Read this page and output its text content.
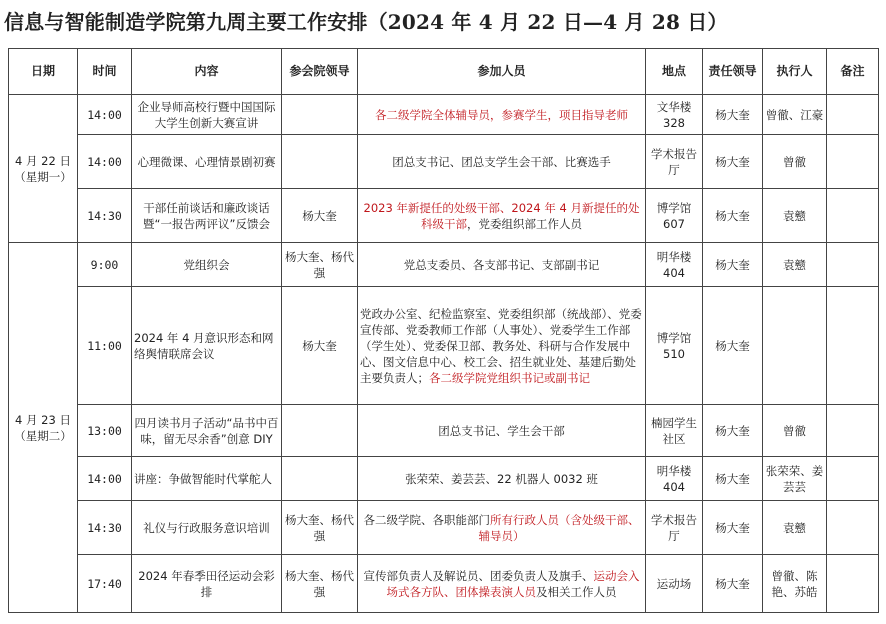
信息与智能制造学院第九周主要工作安排（2024 年 4 月 22 日—4 月 28 日）
日期	时间	内容	参会院领导	参加人员	地点	责任领导	执行人	备注

4 月 22 日
（星期一）	14:00	企业导师高校行暨中国国际大学生创新大赛宣讲		各二级学院全体辅导员，参赛学生，项目指导老师	文华楼 328	杨大奎	曾徹、江豪	
	14:00	心理微课、心理情景剧初赛		团总支书记、团总支学生会干部、比赛选手	学术报告厅	杨大奎	曾徹	
	14:30	干部任前谈话和廉政谈话暨“一报告两评议”反馈会	杨大奎	2023 年新提任的处级干部、2024 年 4 月新提任的处科级干部，党委组织部工作人员	博学馆 607	杨大奎	袁戆	

4 月 23 日
（星期二）	9:00	党组织会	杨大奎、杨代强	党总支委员、各支部书记、支部副书记	明华楼 404	杨大奎	袁戆	
	11:00	2024 年 4 月意识形态和网络舆情联席会议	杨大奎	党政办公室、纪检监察室、党委组织部（统战部）、党委宣传部、党委教师工作部（人事处）、党委学生工作部（学生处）、党委保卫部、教务处、科研与合作发展中心、图文信息中心、校工会、招生就业处、基建后勤处主要负责人；各二级学院党组织书记或副书记	博学馆 510	杨大奎		
	13:00	四月读书月子活动“品书中百味，留无尽余香”创意 DIY		团总支书记、学生会干部	楠园学生社区	杨大奎	曾徹	
	14:00	讲座：争做智能时代掌舵人		张荣荣、姜芸芸、22 机器人 0032 班	明华楼 404	杨大奎	张荣荣、姜芸芸	
	14:30	礼仪与行政服务意识培训	杨大奎、杨代强	各二级学院、各职能部门所有行政人员（含处级干部、辅导员）	学术报告厅	杨大奎	袁戆	
	17:40	2024 年春季田径运动会彩排	杨大奎、杨代强	宣传部负责人及解说员、团委负责人及旗手、运动会入场式各方队、团体操表演人员及相关工作人员	运动场	杨大奎	曾徹、陈艳、苏皓	
